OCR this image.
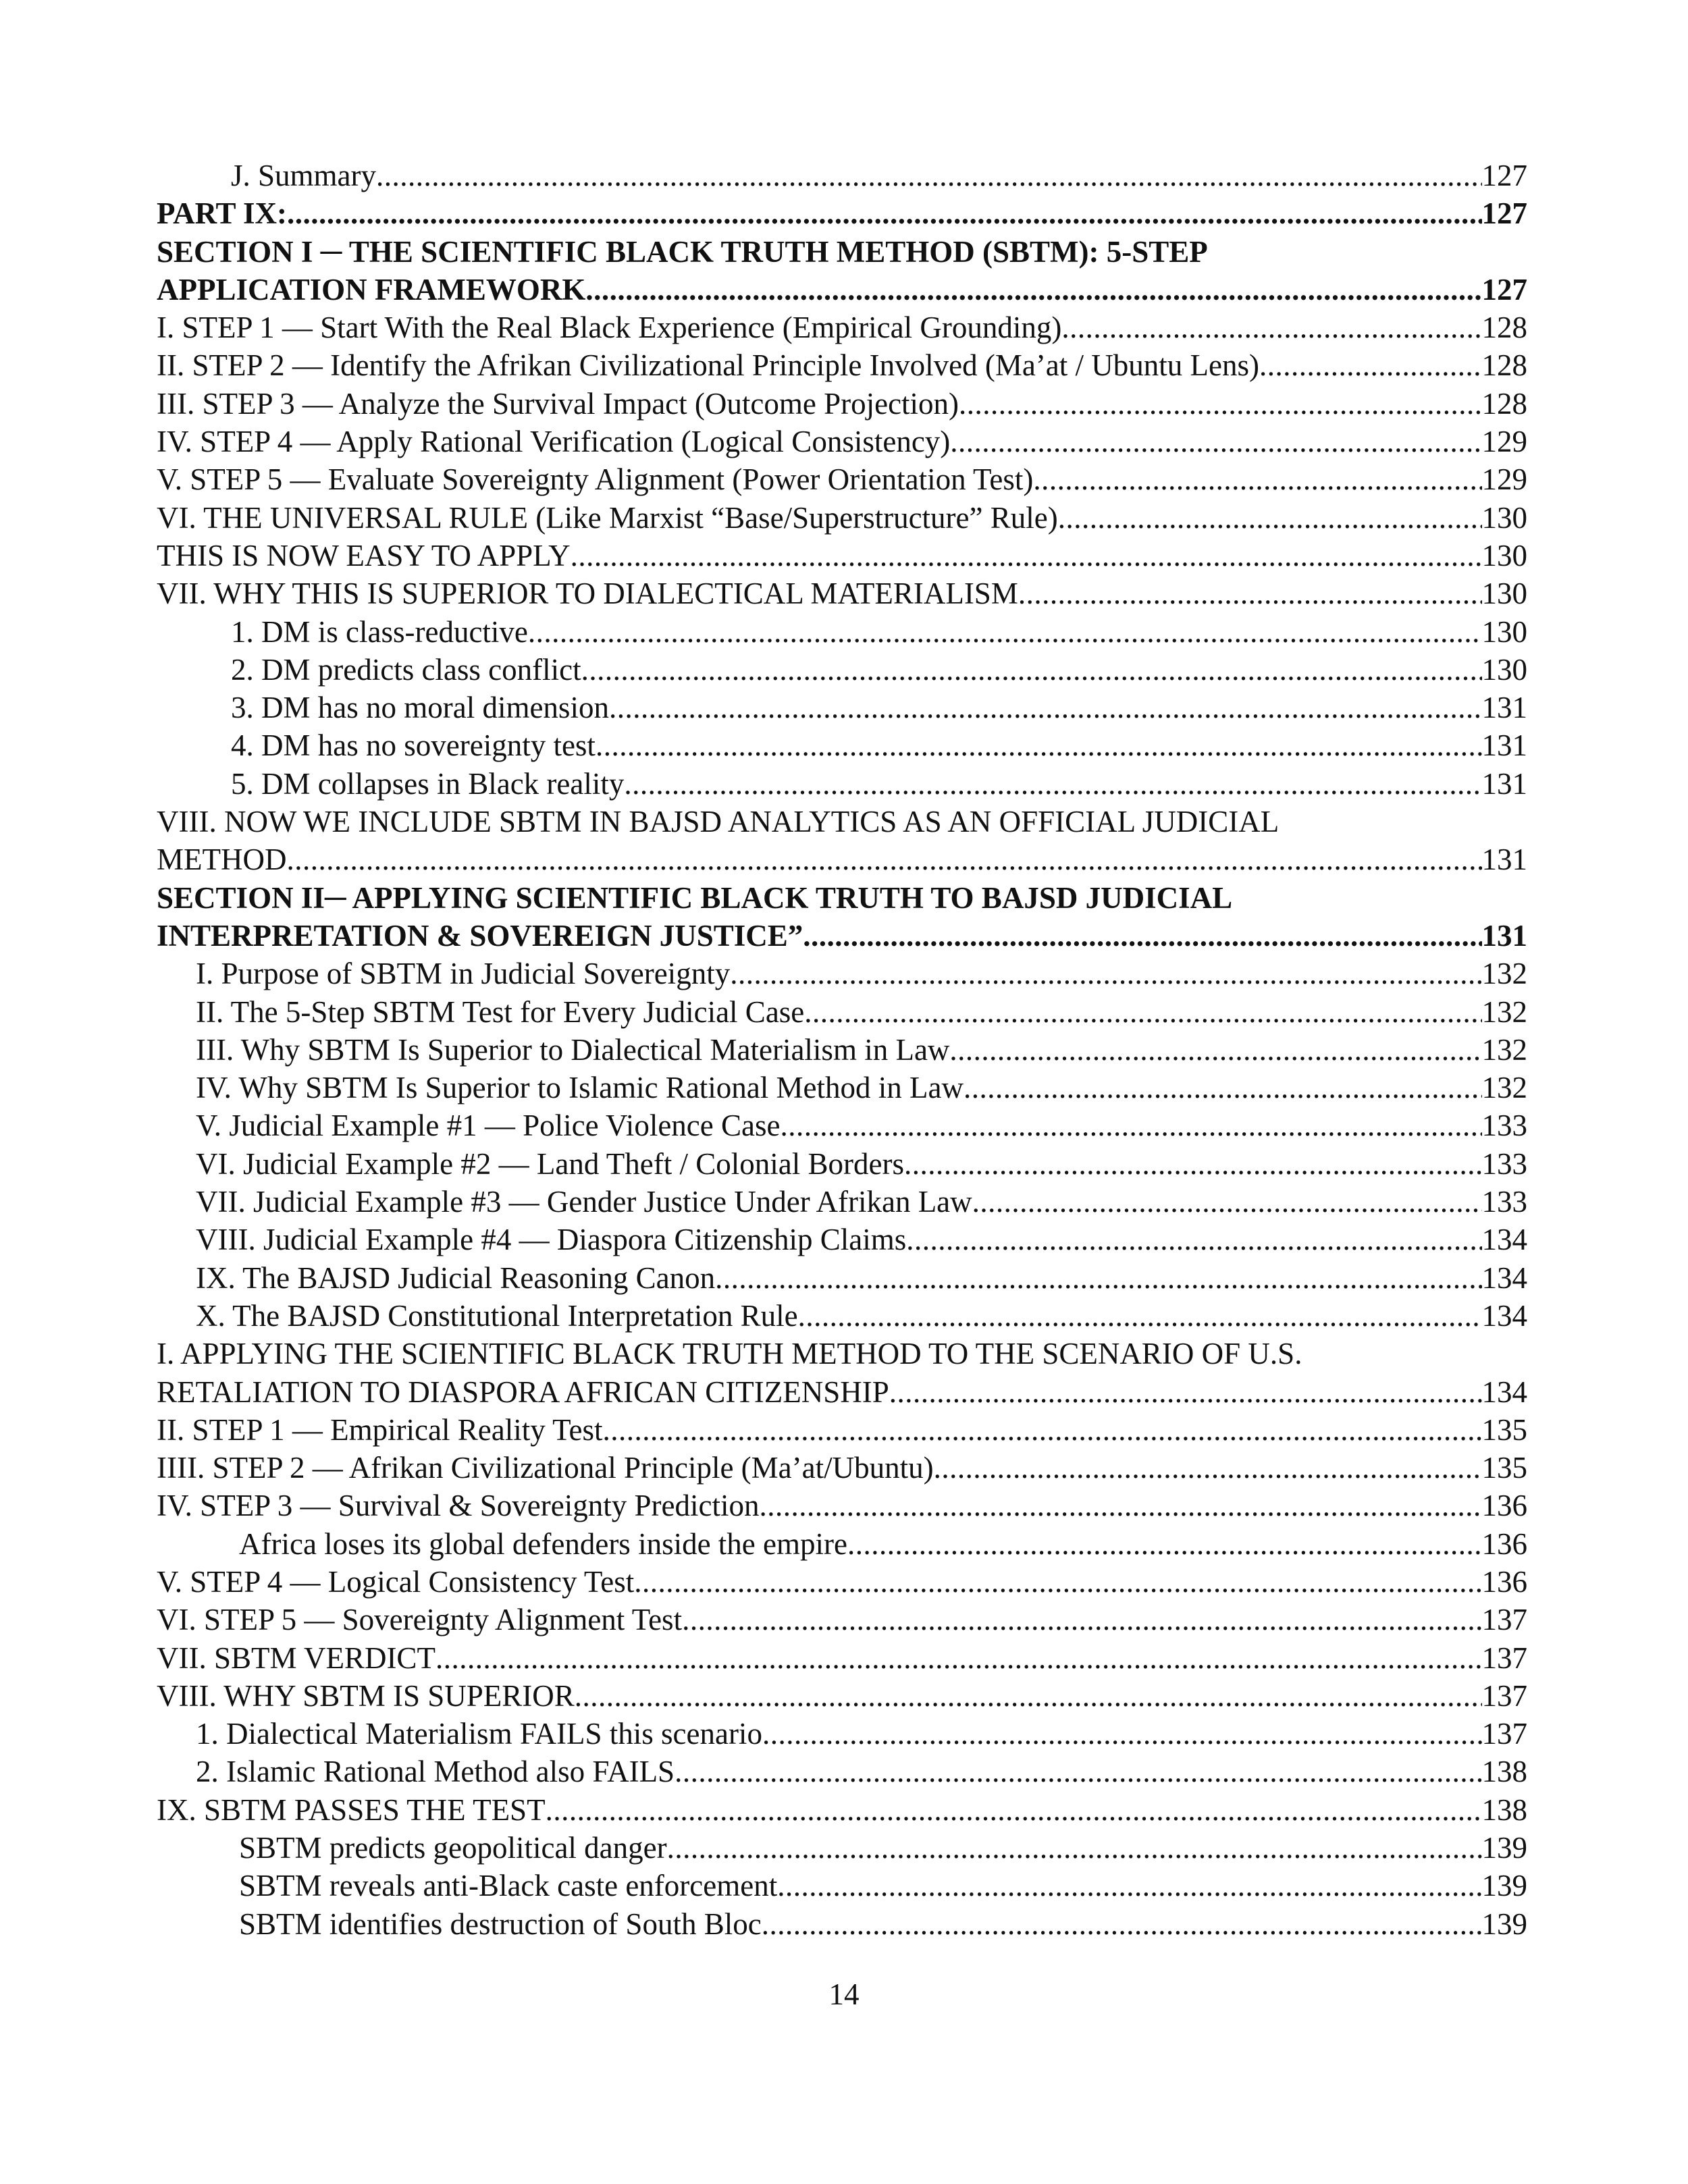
J. Summary .....	127
PART IX: .....	127
SECTION I ─ THE SCIENTIFIC BLACK TRUTH METHOD (SBTM): 5-STEP
APPLICATION FRAMEWORK .....	127
I. STEP 1 — Start With the Real Black Experience (Empirical Grounding) .....	128
II. STEP 2 — Identify the Afrikan Civilizational Principle Involved (Ma’at / Ubuntu Lens) .....	128
III. STEP 3 — Analyze the Survival Impact (Outcome Projection) .....	128
IV. STEP 4 — Apply Rational Verification (Logical Consistency) .....	129
V. STEP 5 — Evaluate Sovereignty Alignment (Power Orientation Test) .....	129
VI. THE UNIVERSAL RULE (Like Marxist “Base/Superstructure” Rule) .....	130
THIS IS NOW EASY TO APPLY .....	130
VII. WHY THIS IS SUPERIOR TO DIALECTICAL MATERIALISM .....	130
1. DM is class-reductive .....	130
2. DM predicts class conflict .....	130
3. DM has no moral dimension .....	131
4. DM has no sovereignty test .....	131
5. DM collapses in Black reality .....	131
VIII. NOW WE INCLUDE SBTM IN BAJSD ANALYTICS AS AN OFFICIAL JUDICIAL
METHOD .....	131
SECTION II─ APPLYING SCIENTIFIC BLACK TRUTH TO BAJSD JUDICIAL
INTERPRETATION & SOVEREIGN JUSTICE” .....	131
I. Purpose of SBTM in Judicial Sovereignty .....	132
II. The 5-Step SBTM Test for Every Judicial Case .....	132
III. Why SBTM Is Superior to Dialectical Materialism in Law .....	132
IV. Why SBTM Is Superior to Islamic Rational Method in Law .....	132
V. Judicial Example #1 — Police Violence Case .....	133
VI. Judicial Example #2 — Land Theft / Colonial Borders .....	133
VII. Judicial Example #3 — Gender Justice Under Afrikan Law .....	133
VIII. Judicial Example #4 — Diaspora Citizenship Claims .....	134
IX. The BAJSD Judicial Reasoning Canon .....	134
X. The BAJSD Constitutional Interpretation Rule .....	134
I. APPLYING THE SCIENTIFIC BLACK TRUTH METHOD TO THE SCENARIO OF U.S.
RETALIATION TO DIASPORA AFRICAN CITIZENSHIP .....	134
II. STEP 1 — Empirical Reality Test .....	135
IIII. STEP 2 — Afrikan Civilizational Principle (Ma’at/Ubuntu) .....	135
IV. STEP 3 — Survival & Sovereignty Prediction .....	136
Africa loses its global defenders inside the empire .....	136
V. STEP 4 — Logical Consistency Test .....	136
VI. STEP 5 — Sovereignty Alignment Test .....	137
VII. SBTM VERDICT .....	137
VIII. WHY SBTM IS SUPERIOR .....	137
1. Dialectical Materialism FAILS this scenario .....	137
2. Islamic Rational Method also FAILS .....	138
IX. SBTM PASSES THE TEST .....	138
SBTM predicts geopolitical danger .....	139
SBTM reveals anti-Black caste enforcement .....	139
SBTM identifies destruction of South Bloc .....	139
14
